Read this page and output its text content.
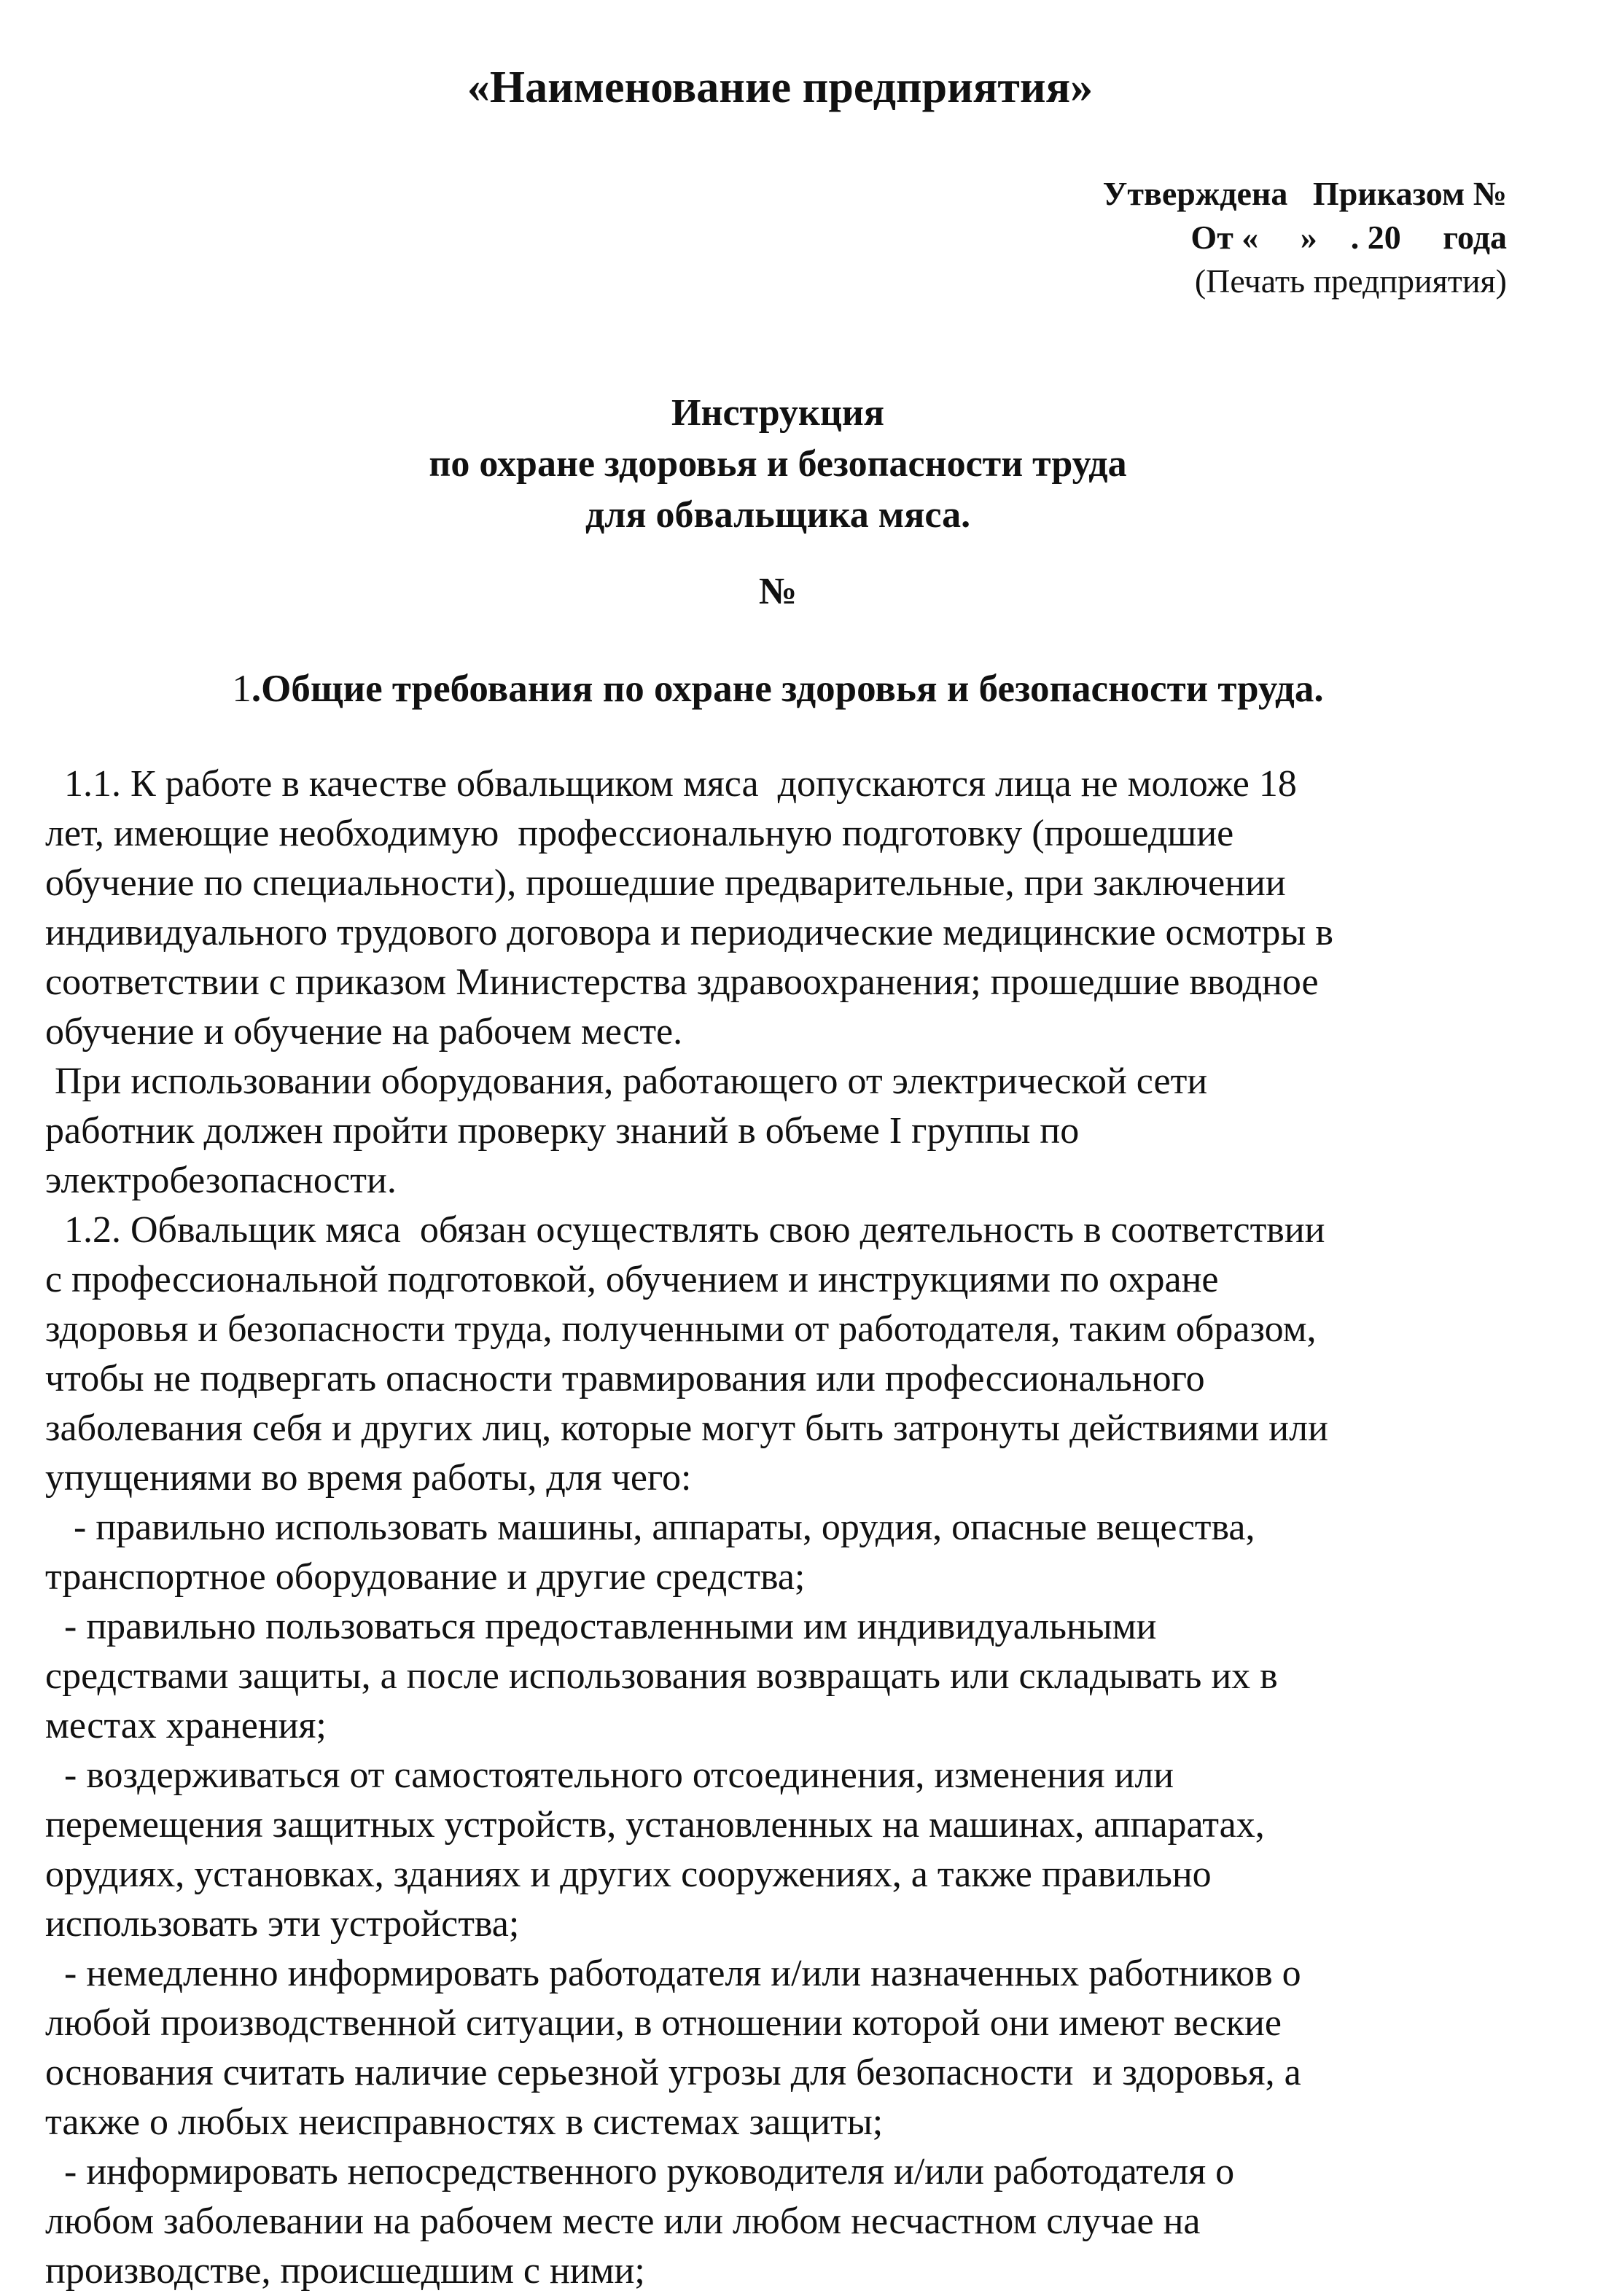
«Наименование предприятия»
Утверждена   Приказом №
От «     »    . 20     года
(Печать предприятия)
Инструкция
по охране здоровья и безопасности труда
для обвальщика мяса.
№
1.Общие требования по охране здоровья и безопасности труда.
1.1. К работе в качестве обвальщиком мяса  допускаются лица не моложе 18
лет, имеющие необходимую  профессиональную подготовку (прошедшие
обучение по специальности), прошедшие предварительные, при заключении
индивидуального трудового договора и периодические медицинские осмотры в
соответствии с приказом Министерства здравоохранения; прошедшие вводное
обучение и обучение на рабочем месте.
При использовании оборудования, работающего от электрической сети
работник должен пройти проверку знаний в объеме I группы по
электробезопасности.
1.2. Обвальщик мяса  обязан осуществлять свою деятельность в соответствии
с профессиональной подготовкой, обучением и инструкциями по охране
здоровья и безопасности труда, полученными от работодателя, таким образом,
чтобы не подвергать опасности травмирования или профессионального
заболевания себя и других лиц, которые могут быть затронуты действиями или
упущениями во время работы, для чего:
- правильно использовать машины, аппараты, орудия, опасные вещества,
транспортное оборудование и другие средства;
- правильно пользоваться предоставленными им индивидуальными
средствами защиты, а после использования возвращать или складывать их в
местах хранения;
- воздерживаться от самостоятельного отсоединения, изменения или
перемещения защитных устройств, установленных на машинах, аппаратах,
орудиях, установках, зданиях и других сооружениях, а также правильно
использовать эти устройства;
- немедленно информировать работодателя и/или назначенных работников о
любой производственной ситуации, в отношении которой они имеют веские
основания считать наличие серьезной угрозы для безопасности  и здоровья, а
также о любых неисправностях в системах защиты;
- информировать непосредственного руководителя и/или работодателя о
любом заболевании на рабочем месте или любом несчастном случае на
производстве, происшедшим с ними;
